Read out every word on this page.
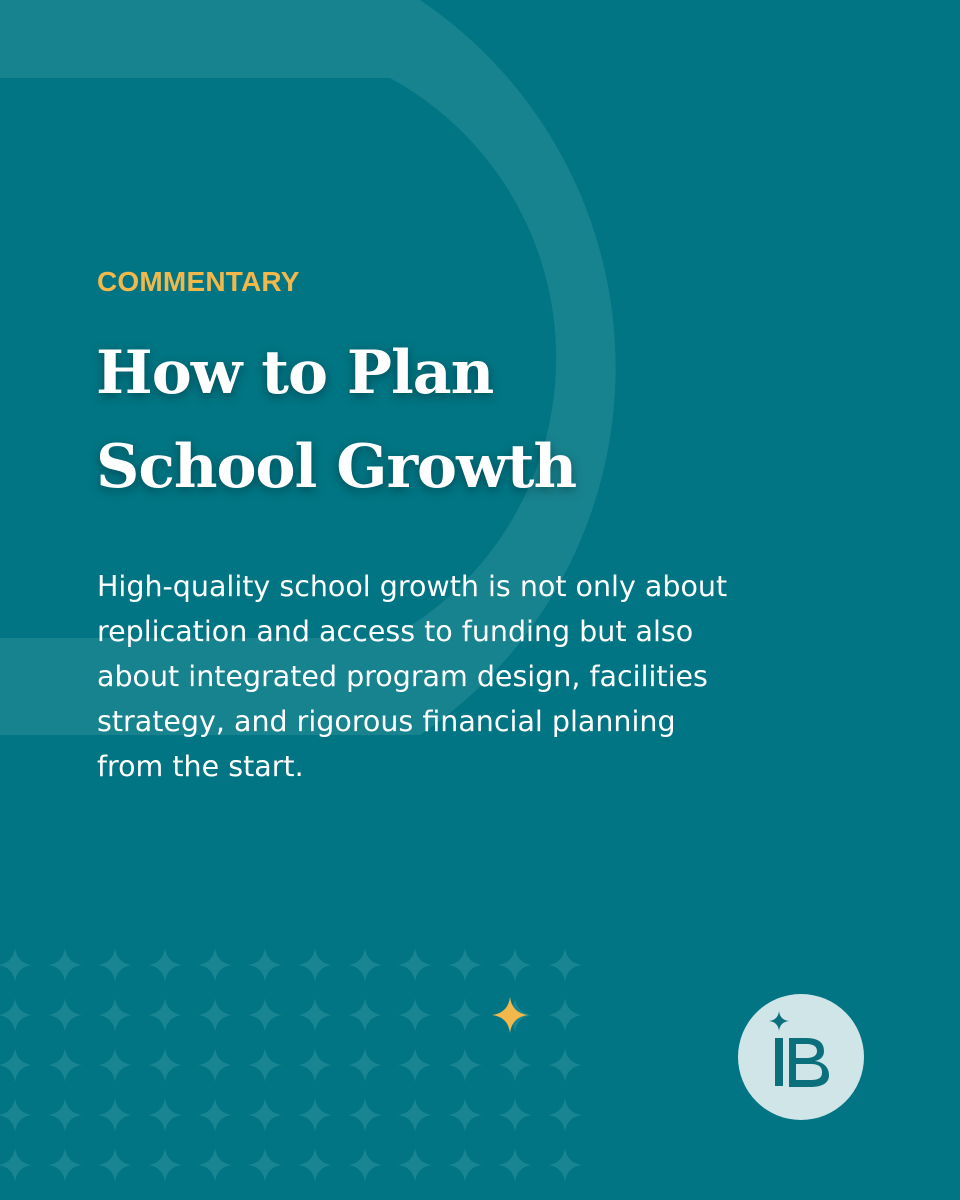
COMMENTARY

How to Plan
School Growth

High-quality school growth is not only about replication and access to funding but also about integrated program design, facilities strategy, and rigorous financial planning from the start.
